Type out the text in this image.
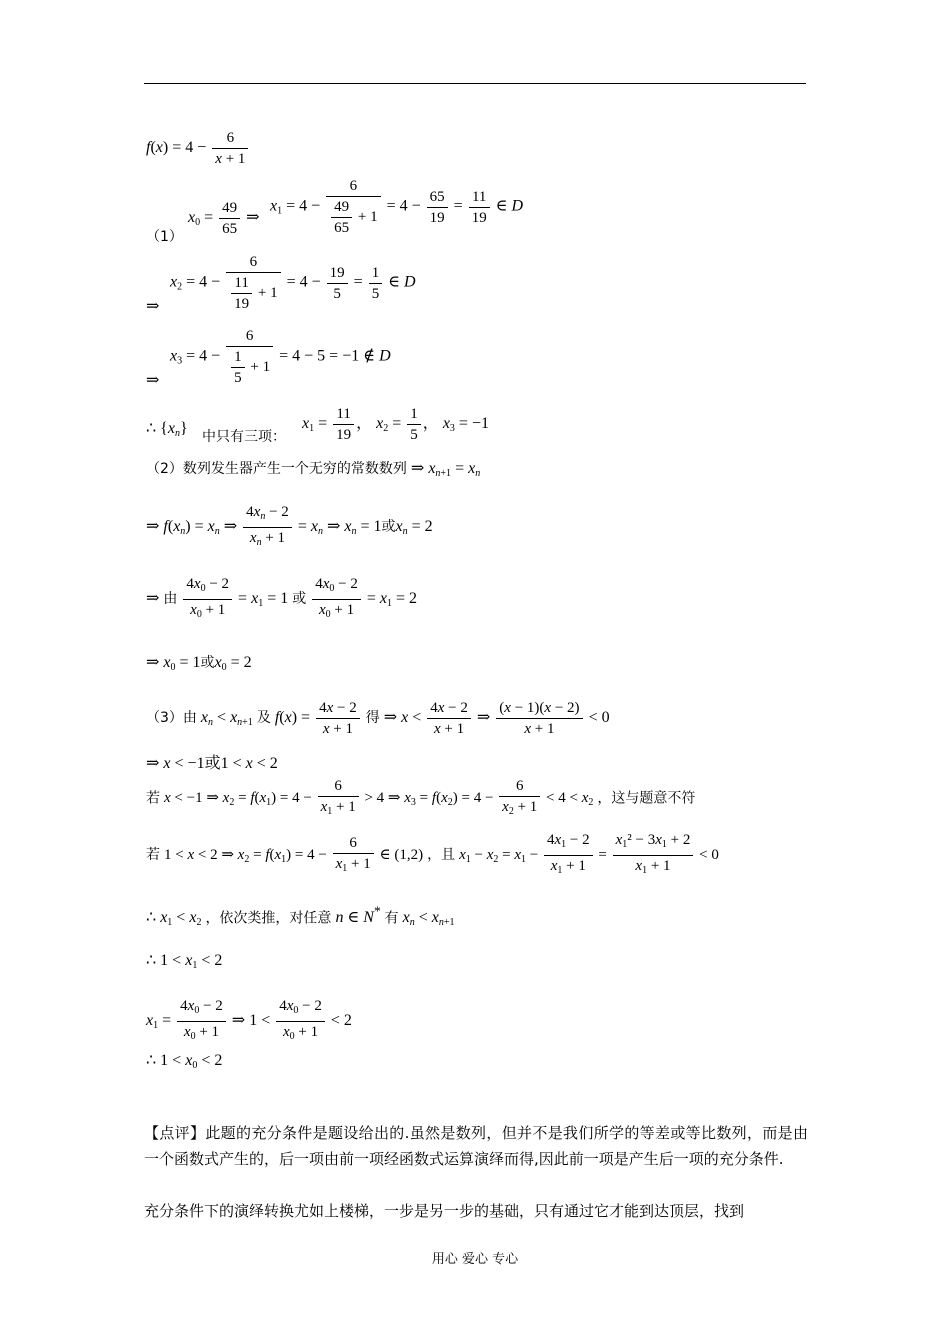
$f(x) = 4 - \frac{6}{x + 1}$
（1）
$x_0 = \frac{49}{65}$ ⇒
$x_1 = 4 - \frac{6}{\frac{49}{65} + 1} = 4 - \frac{65}{19} = \frac{11}{19}$ ∈ D
⇒
$x_2 = 4 - \frac{6}{\frac{11}{19} + 1} = 4 - \frac{19}{5} = \frac{1}{5}$ ∈ D
⇒
$x_3 = 4 - \frac{6}{\frac{1}{5} + 1} = 4 - 5 = -1$ ∉ D
∴ $\{x_n\}$ 中只有三项：
$x_1 = \frac{11}{19}$ ， $x_2 = \frac{1}{5}$ ， $x_3 = -1$
（2）数列发生器产生一个无穷的常数数列 ⇒ $x_{n+1} = x_n$
⇒ $f(x_n) = x_n$ ⇒ $\frac{4x_n - 2}{x_n + 1} = x_n$ ⇒ $x_n = 1$或$x_n = 2$
⇒ 由 $\frac{4x_0 - 2}{x_0 + 1} = x_1 = 1$ 或 $\frac{4x_0 - 2}{x_0 + 1} = x_1 = 2$
⇒ $x_0 = 1$或$x_0 = 2$
（3）由 $x_n < x_{n+1}$ 及 $f(x) = \frac{4x - 2}{x + 1}$ 得 ⇒ $x < \frac{4x - 2}{x + 1}$ ⇒ $\frac{(x - 1)(x - 2)}{x + 1} < 0$
⇒ x < −1或1 < x < 2
若 x < −1 ⇒ $x_2 = f(x_1) = 4 - \frac{6}{x_1 + 1} > 4$ ⇒ $x_3 = f(x_2) = 4 - \frac{6}{x_2 + 1} < 4 < x_2$ ，这与题意不符
若 1 < x < 2 ⇒ $x_2 = f(x_1) = 4 - \frac{6}{x_1 + 1}$ ∈ (1,2) ，且 $x_1 - x_2 = x_1 - \frac{4x_1 - 2}{x_1 + 1} = \frac{x_1^2 - 3x_1 + 2}{x_1 + 1} < 0$
∴ $x_1 < x_2$ ，依次类推，对任意 n ∈ N* 有 $x_n < x_{n+1}$
∴ $1 < x_1 < 2$
$x_1 = \frac{4x_0 - 2}{x_0 + 1}$ ⇒ $1 < \frac{4x_0 - 2}{x_0 + 1} < 2$
∴ $1 < x_0 < 2$
【点评】此题的充分条件是题设给出的.虽然是数列，但并不是我们所学的等差或等比数列，而是由一个函数式产生的，后一项由前一项经函数式运算演绎而得,因此前一项是产生后一项的充分条件.
充分条件下的演绎转换尤如上楼梯，一步是另一步的基础，只有通过它才能到达顶层，找到
用心 爱心 专心
